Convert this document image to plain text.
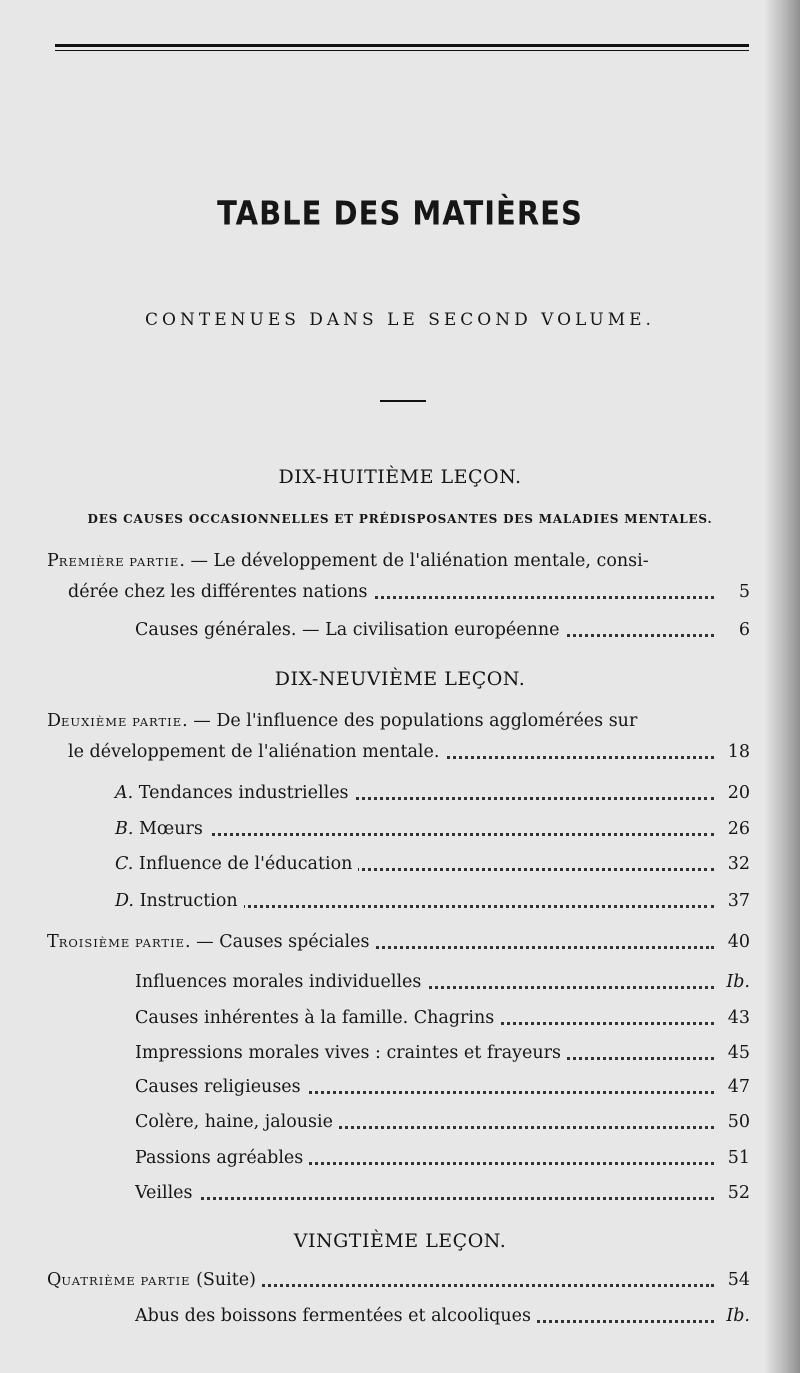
TABLE DES MATIÈRES
CONTENUES DANS LE SECOND VOLUME.
DIX-HUITIÈME LEÇON.
DES CAUSES OCCASIONNELLES ET PRÉDISPOSANTES DES MALADIES MENTALES.
PREMIÈRE PARTIE. — Le développement de l'aliénation mentale, consi-
dérée chez les différentes nations	5
Causes générales. — La civilisation européenne	6
DIX-NEUVIÈME LEÇON.
DEUXIÈME PARTIE. — De l'influence des populations agglomérées sur
le développement de l'aliénation mentale.	18
A. Tendances industrielles	20
B. Mœurs	26
C. Influence de l'éducation	32
D. Instruction	37
TROISIÈME PARTIE. — Causes spéciales	40
Influences morales individuelles	Ib.
Causes inhérentes à la famille. Chagrins	43
Impressions morales vives : craintes et frayeurs	45
Causes religieuses	47
Colère, haine, jalousie	50
Passions agréables	51
Veilles	52
VINGTIÈME LEÇON.
QUATRIÈME PARTIE (Suite)	54
Abus des boissons fermentées et alcooliques	Ib.
